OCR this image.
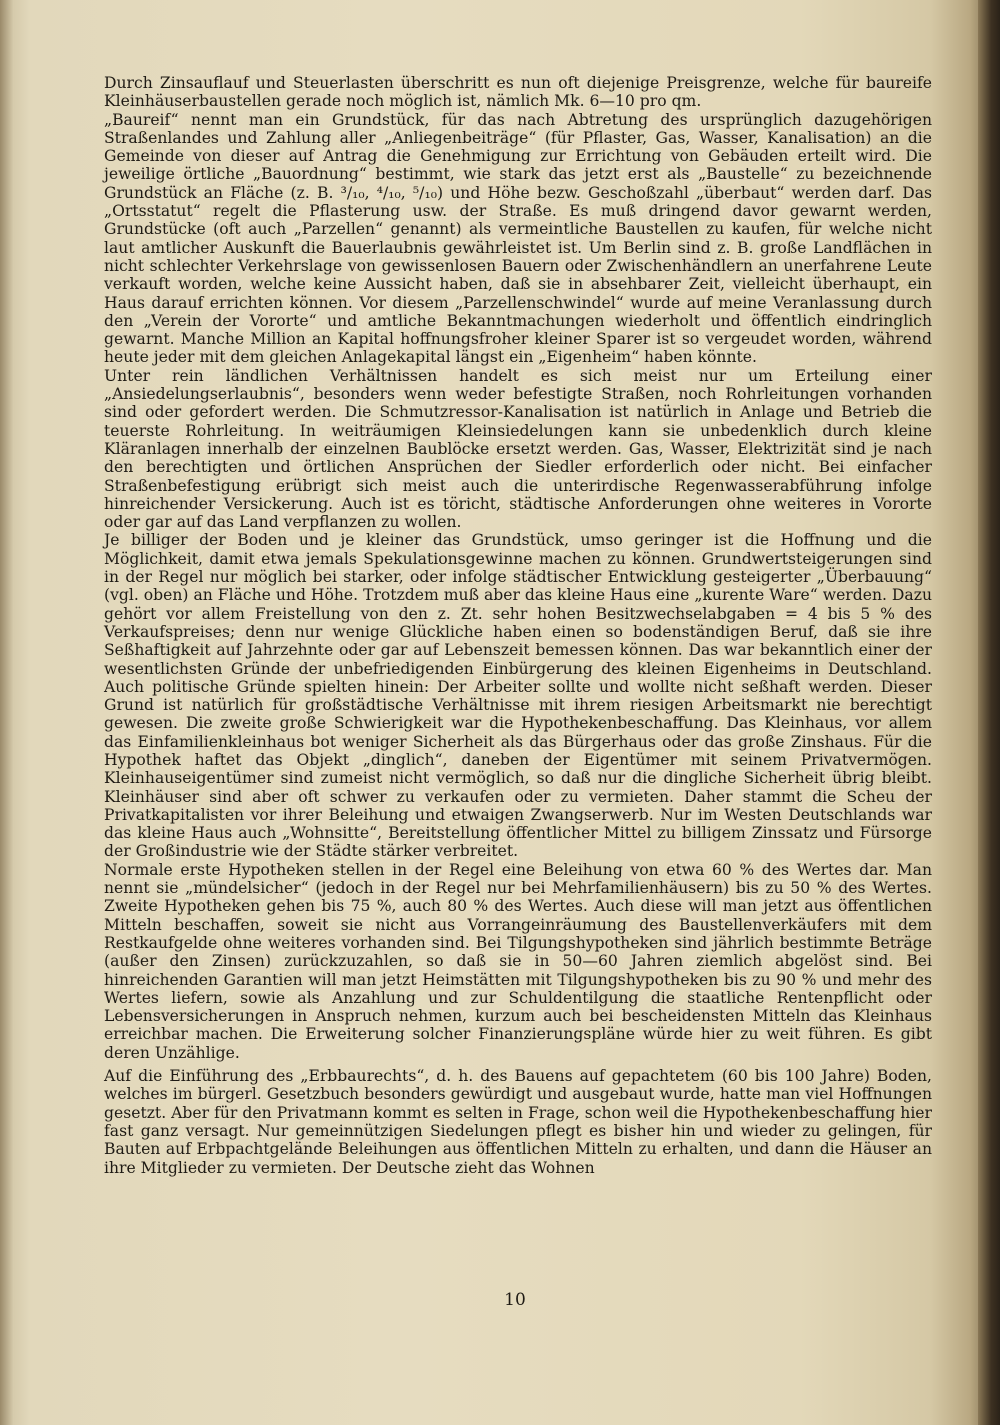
Durch Zinsauflauf und Steuerlasten überschritt es nun oft diejenige Preisgrenze, welche für baureife Kleinhäuserbaustellen gerade noch möglich ist, nämlich Mk. 6—10 pro qm.

„Baureif“ nennt man ein Grundstück, für das nach Abtretung des ursprünglich dazugehörigen Straßenlandes und Zahlung aller „Anliegenbeiträge“ (für Pflaster, Gas, Wasser, Kanalisation) an die Gemeinde von dieser auf Antrag die Genehmigung zur Errichtung von Gebäuden erteilt wird. Die jeweilige örtliche „Bauordnung“ bestimmt, wie stark das jetzt erst als „Baustelle“ zu bezeichnende Grundstück an Fläche (z. B. ³/₁₀, ⁴/₁₀, ⁵/₁₀) und Höhe bezw. Geschoßzahl „überbaut“ werden darf. Das „Ortsstatut“ regelt die Pflasterung usw. der Straße. Es muß dringend davor gewarnt werden, Grundstücke (oft auch „Parzellen“ genannt) als vermeintliche Baustellen zu kaufen, für welche nicht laut amtlicher Auskunft die Bauerlaubnis gewährleistet ist. Um Berlin sind z. B. große Landflächen in nicht schlechter Verkehrslage von gewissenlosen Bauern oder Zwischenhändlern an unerfahrene Leute verkauft worden, welche keine Aussicht haben, daß sie in absehbarer Zeit, vielleicht überhaupt, ein Haus darauf errichten können. Vor diesem „Parzellenschwindel“ wurde auf meine Veranlassung durch den „Verein der Vororte“ und amtliche Bekanntmachungen wiederholt und öffentlich eindringlich gewarnt. Manche Million an Kapital hoffnungsfroher kleiner Sparer ist so vergeudet worden, während heute jeder mit dem gleichen Anlagekapital längst ein „Eigenheim“ haben könnte.

Unter rein ländlichen Verhältnissen handelt es sich meist nur um Erteilung einer „Ansiedelungserlaubnis“, besonders wenn weder befestigte Straßen, noch Rohrleitungen vorhanden sind oder gefordert werden. Die Schmutzressor-Kanalisation ist natürlich in Anlage und Betrieb die teuerste Rohrleitung. In weiträumigen Kleinsiedelungen kann sie unbedenklich durch kleine Kläranlagen innerhalb der einzelnen Baublöcke ersetzt werden. Gas, Wasser, Elektrizität sind je nach den berechtigten und örtlichen Ansprüchen der Siedler erforderlich oder nicht. Bei einfacher Straßenbefestigung erübrigt sich meist auch die unterirdische Regenwasserabführung infolge hinreichender Versickerung. Auch ist es töricht, städtische Anforderungen ohne weiteres in Vororte oder gar auf das Land verpflanzen zu wollen.

Je billiger der Boden und je kleiner das Grundstück, umso geringer ist die Hoffnung und die Möglichkeit, damit etwa jemals Spekulationsgewinne machen zu können. Grundwertsteigerungen sind in der Regel nur möglich bei starker, oder infolge städtischer Entwicklung gesteigerter „Überbauung“ (vgl. oben) an Fläche und Höhe. Trotzdem muß aber das kleine Haus eine „kurente Ware“ werden. Dazu gehört vor allem Freistellung von den z. Zt. sehr hohen Besitzwechselabgaben = 4 bis 5 % des Verkaufspreises; denn nur wenige Glückliche haben einen so bodenständigen Beruf, daß sie ihre Seßhaftigkeit auf Jahrzehnte oder gar auf Lebenszeit bemessen können. Das war bekanntlich einer der wesentlichsten Gründe der unbefriedigenden Einbürgerung des kleinen Eigenheims in Deutschland. Auch politische Gründe spielten hinein: Der Arbeiter sollte und wollte nicht seßhaft werden. Dieser Grund ist natürlich für großstädtische Verhältnisse mit ihrem riesigen Arbeitsmarkt nie berechtigt gewesen. Die zweite große Schwierigkeit war die Hypothekenbeschaffung. Das Kleinhaus, vor allem das Einfamilienkleinhaus bot weniger Sicherheit als das Bürgerhaus oder das große Zinshaus. Für die Hypothek haftet das Objekt „dinglich“, daneben der Eigentümer mit seinem Privatvermögen. Kleinhauseigentümer sind zumeist nicht vermöglich, so daß nur die dingliche Sicherheit übrig bleibt. Kleinhäuser sind aber oft schwer zu verkaufen oder zu vermieten. Daher stammt die Scheu der Privatkapitalisten vor ihrer Beleihung und etwaigen Zwangserwerb. Nur im Westen Deutschlands war das kleine Haus auch „Wohnsitte“, Bereitstellung öffentlicher Mittel zu billigem Zinssatz und Fürsorge der Großindustrie wie der Städte stärker verbreitet.

Normale erste Hypotheken stellen in der Regel eine Beleihung von etwa 60 % des Wertes dar. Man nennt sie „mündelsicher“ (jedoch in der Regel nur bei Mehrfamilienhäusern) bis zu 50 % des Wertes. Zweite Hypotheken gehen bis 75 %, auch 80 % des Wertes. Auch diese will man jetzt aus öffentlichen Mitteln beschaffen, soweit sie nicht aus Vorrangeinräumung des Baustellenverkäufers mit dem Restkaufgelde ohne weiteres vorhanden sind. Bei Tilgungshypotheken sind jährlich bestimmte Beträge (außer den Zinsen) zurückzuzahlen, so daß sie in 50—60 Jahren ziemlich abgelöst sind. Bei hinreichenden Garantien will man jetzt Heimstätten mit Tilgungshypotheken bis zu 90 % und mehr des Wertes liefern, sowie als Anzahlung und zur Schuldentilgung die staatliche Rentenpflicht oder Lebensversicherungen in Anspruch nehmen, kurzum auch bei bescheidensten Mitteln das Kleinhaus erreichbar machen. Die Erweiterung solcher Finanzierungspläne würde hier zu weit führen. Es gibt deren Unzählige.

Auf die Einführung des „Erbbaurechts“, d. h. des Bauens auf gepachtetem (60 bis 100 Jahre) Boden, welches im bürgerl. Gesetzbuch besonders gewürdigt und ausgebaut wurde, hatte man viel Hoffnungen gesetzt. Aber für den Privatmann kommt es selten in Frage, schon weil die Hypothekenbeschaffung hier fast ganz versagt. Nur gemeinnützigen Siedelungen pflegt es bisher hin und wieder zu gelingen, für Bauten auf Erbpachtgelände Beleihungen aus öffentlichen Mitteln zu erhalten, und dann die Häuser an ihre Mitglieder zu vermieten. Der Deutsche zieht das Wohnen

10
